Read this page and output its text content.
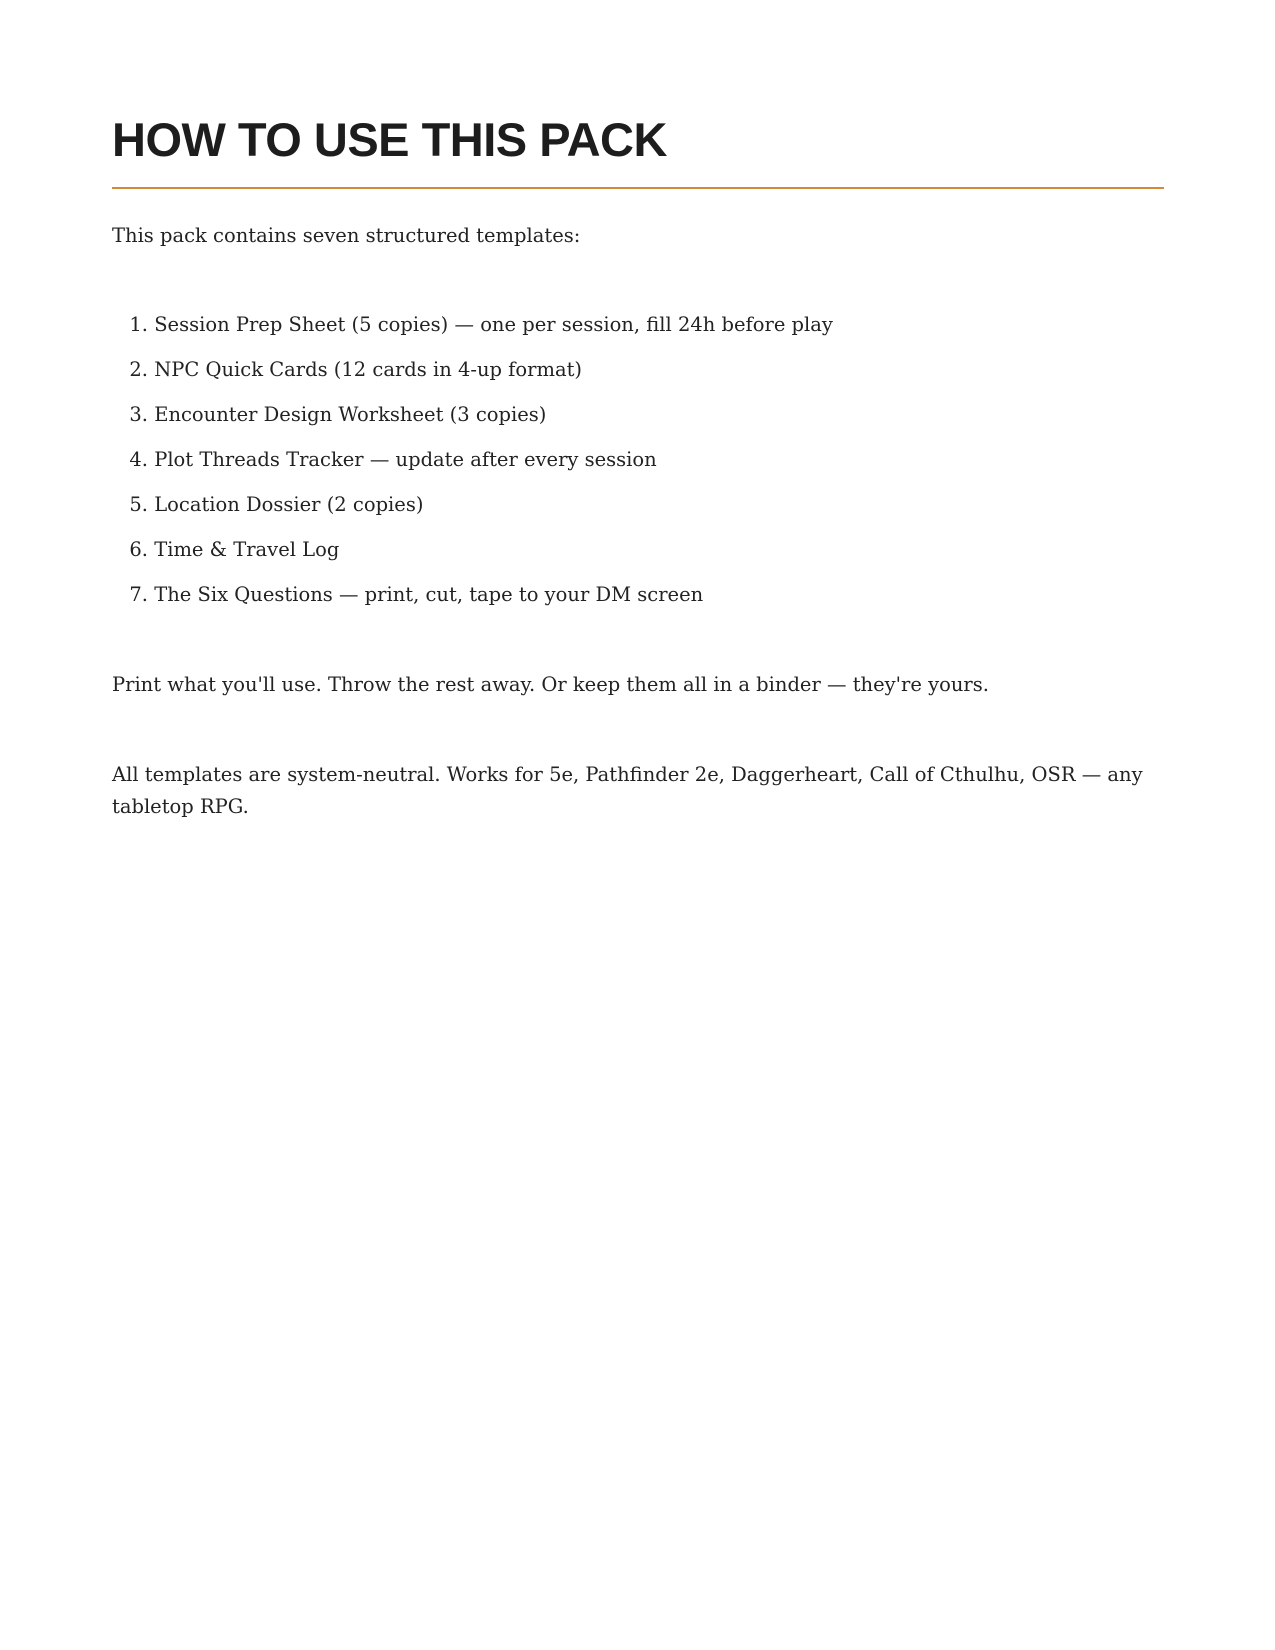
HOW TO USE THIS PACK

This pack contains seven structured templates:

1. Session Prep Sheet (5 copies) — one per session, fill 24h before play
2. NPC Quick Cards (12 cards in 4-up format)
3. Encounter Design Worksheet (3 copies)
4. Plot Threads Tracker — update after every session
5. Location Dossier (2 copies)
6. Time & Travel Log
7. The Six Questions — print, cut, tape to your DM screen

Print what you'll use. Throw the rest away. Or keep them all in a binder — they're yours.

All templates are system-neutral. Works for 5e, Pathfinder 2e, Daggerheart, Call of Cthulhu, OSR — any tabletop RPG.
